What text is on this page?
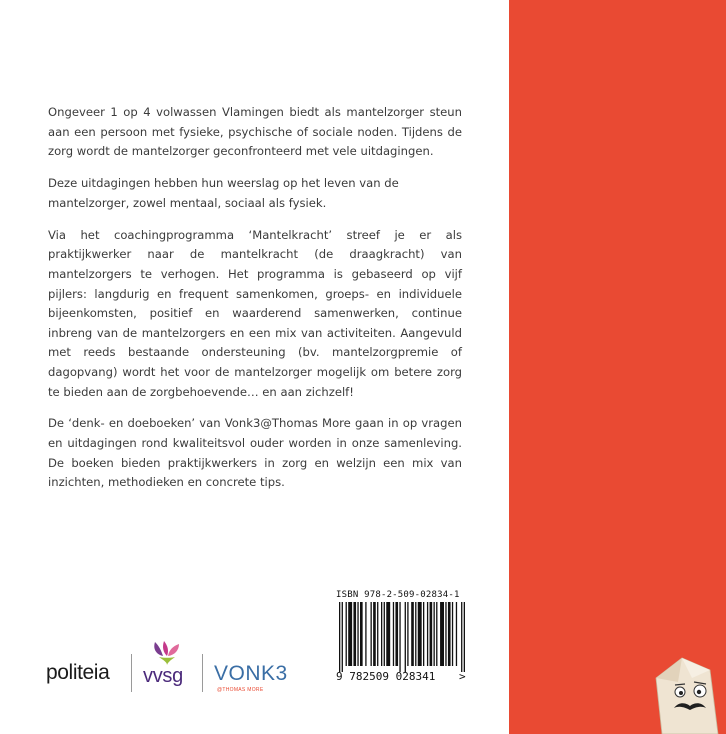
Ongeveer 1 op 4 volwassen Vlamingen biedt als mantelzorger steun aan een persoon met fysieke, psychische of sociale noden. Tijdens de zorg wordt de mantelzorger geconfronteerd met vele uitdagingen.

Deze uitdagingen hebben hun weerslag op het leven van de mantelzorger, zowel mentaal, sociaal als fysiek.

Via het coachingprogramma ‘Mantelkracht’ streef je er als praktijkwerker naar de mantelkracht (de draagkracht) van mantelzorgers te verhogen. Het programma is gebaseerd op vijf pijlers: langdurig en frequent samenkomen, groeps- en individuele bijeenkomsten, positief en waarderend samenwerken, continue inbreng van de mantelzorgers en een mix van activiteiten. Aangevuld met reeds bestaande ondersteuning (bv. mantelzorgpremie of dagopvang) wordt het voor de mantelzorger mogelijk om betere zorg te bieden aan de zorgbehoevende… en aan zichzelf!

De ‘denk- en doeboeken’ van Vonk3@Thomas More gaan in op vragen en uitdagingen rond kwaliteitsvol ouder worden in onze samenleving. De boeken bieden praktijkwerkers in zorg en welzijn een mix van inzichten, methodieken en concrete tips.

ISBN 978-2-509-02834-1
9 782509 028341 >
politeia vvsg VONK3
@THOMAS MORE
